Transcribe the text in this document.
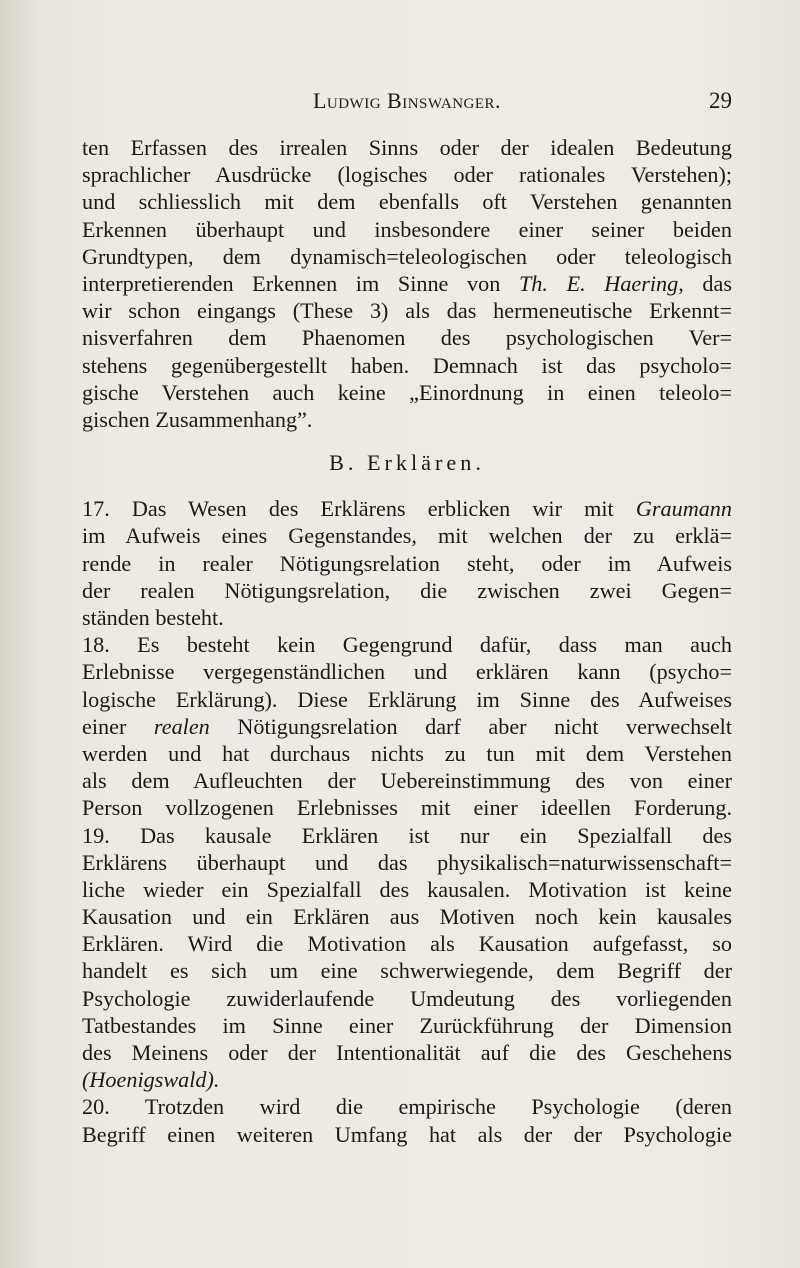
Ludwig Binswanger.	29
ten Erfassen des irrealen Sinns oder der idealen Bedeutung
sprachlicher Ausdrücke (logisches oder rationales Verstehen);
und schliesslich mit dem ebenfalls oft Verstehen genannten
Erkennen überhaupt und insbesondere einer seiner beiden
Grundtypen, dem dynamisch=teleologischen oder teleologisch
interpretierenden Erkennen im Sinne von Th. E. Haering, das
wir schon eingangs (These 3) als das hermeneutische Erkennt=
nisverfahren dem Phaenomen des psychologischen Ver=
stehens gegenübergestellt haben. Demnach ist das psycholo=
gische Verstehen auch keine „Einordnung in einen teleolo=
gischen Zusammenhang”.
B. Erklären.
17. Das Wesen des Erklärens erblicken wir mit Graumann
im Aufweis eines Gegenstandes, mit welchen der zu erklä=
rende in realer Nötigungsrelation steht, oder im Aufweis
der realen Nötigungsrelation, die zwischen zwei Gegen=
ständen besteht.
18. Es besteht kein Gegengrund dafür, dass man auch
Erlebnisse vergegenständlichen und erklären kann (psycho=
logische Erklärung). Diese Erklärung im Sinne des Aufweises
einer realen Nötigungsrelation darf aber nicht verwechselt
werden und hat durchaus nichts zu tun mit dem Verstehen
als dem Aufleuchten der Uebereinstimmung des von einer
Person vollzogenen Erlebnisses mit einer ideellen Forderung.
19. Das kausale Erklären ist nur ein Spezialfall des
Erklärens überhaupt und das physikalisch=naturwissenschaft=
liche wieder ein Spezialfall des kausalen. Motivation ist keine
Kausation und ein Erklären aus Motiven noch kein kausales
Erklären. Wird die Motivation als Kausation aufgefasst, so
handelt es sich um eine schwerwiegende, dem Begriff der
Psychologie zuwiderlaufende Umdeutung des vorliegenden
Tatbestandes im Sinne einer Zurückführung der Dimension
des Meinens oder der Intentionalität auf die des Geschehens
(Hoenigswald).
20. Trotzden wird die empirische Psychologie (deren
Begriff einen weiteren Umfang hat als der der Psychologie
